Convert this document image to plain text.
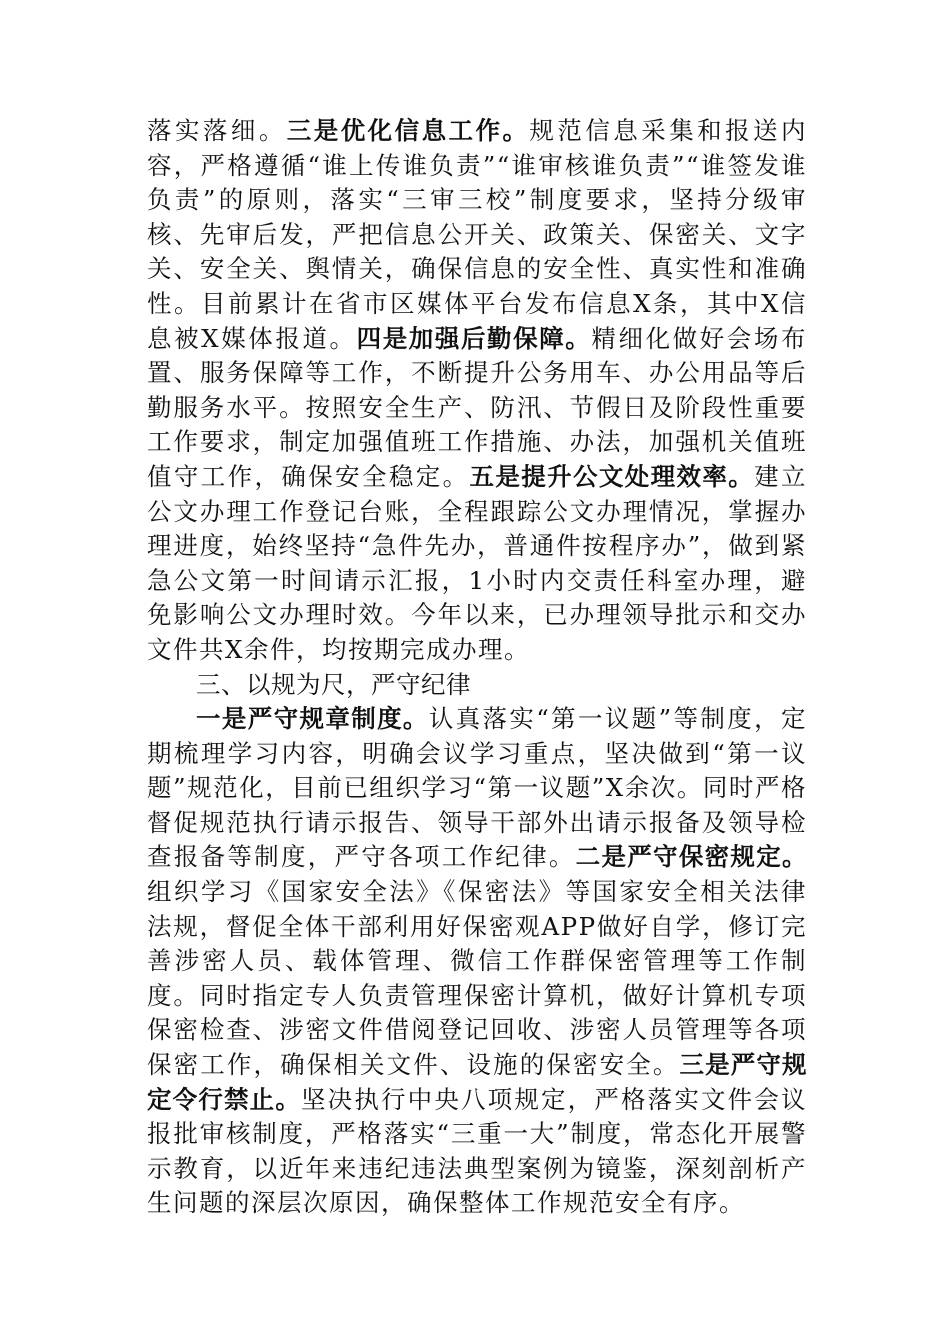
落实落细。三是优化信息工作。规范信息采集和报送内容，严格遵循“谁上传谁负责”“谁审核谁负责”“谁签发谁负责”的原则，落实“三审三校”制度要求，坚持分级审核、先审后发，严把信息公开关、政策关、保密关、文字关、安全关、舆情关，确保信息的安全性、真实性和准确性。目前累计在省市区媒体平台发布信息X条，其中X信息被X媒体报道。四是加强后勤保障。精细化做好会场布置、服务保障等工作，不断提升公务用车、办公用品等后勤服务水平。按照安全生产、防汛、节假日及阶段性重要工作要求，制定加强值班工作措施、办法，加强机关值班值守工作，确保安全稳定。五是提升公文处理效率。建立公文办理工作登记台账，全程跟踪公文办理情况，掌握办理进度，始终坚持“急件先办，普通件按程序办”，做到紧急公文第一时间请示汇报，1小时内交责任科室办理，避免影响公文办理时效。今年以来，已办理领导批示和交办文件共X余件，均按期完成办理。

三、以规为尺，严守纪律

一是严守规章制度。认真落实“第一议题”等制度，定期梳理学习内容，明确会议学习重点，坚决做到“第一议题”规范化，目前已组织学习“第一议题”X余次。同时严格督促规范执行请示报告、领导干部外出请示报备及领导检查报备等制度，严守各项工作纪律。二是严守保密规定。组织学习《国家安全法》《保密法》等国家安全相关法律法规，督促全体干部利用好保密观APP做好自学，修订完善涉密人员、载体管理、微信工作群保密管理等工作制度。同时指定专人负责管理保密计算机，做好计算机专项保密检查、涉密文件借阅登记回收、涉密人员管理等各项保密工作，确保相关文件、设施的保密安全。三是严守规定令行禁止。坚决执行中央八项规定，严格落实文件会议报批审核制度，严格落实“三重一大”制度，常态化开展警示教育，以近年来违纪违法典型案例为镜鉴，深刻剖析产生问题的深层次原因，确保整体工作规范安全有序。
